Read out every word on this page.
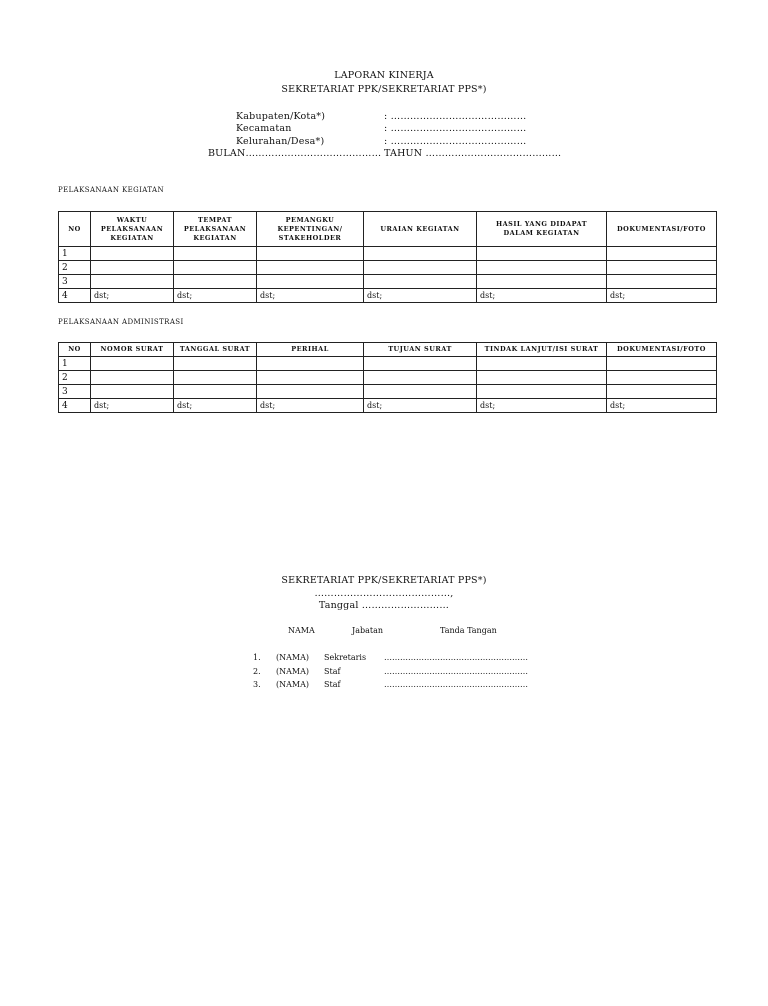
LAPORAN KINERJA
SEKRETARIAT PPK/SEKRETARIAT PPS*)
Kabupaten/Kota*)	: ……………………………………
Kecamatan	: ……………………………………
Kelurahan/Desa*)	: ……………………………………
BULAN…………………………………… TAHUN ……………………………………
PELAKSANAAN KEGIATAN
NO	WAKTU PELAKSANAAN KEGIATAN	TEMPAT PELAKSANAAN KEGIATAN	PEMANGKU KEPENTINGAN/ STAKEHOLDER	URAIAN KEGIATAN	HASIL YANG DIDAPAT DALAM KEGIATAN	DOKUMENTASI/FOTO
1						
2						
3						
4	dst;	dst;	dst;	dst;	dst;	dst;
PELAKSANAAN ADMINISTRASI
NO	NOMOR SURAT	TANGGAL SURAT	PERIHAL	TUJUAN SURAT	TINDAK LANJUT/ISI SURAT	DOKUMENTASI/FOTO
1						
2						
3						
4	dst;	dst;	dst;	dst;	dst;	dst;
SEKRETARIAT PPK/SEKRETARIAT PPS*)
……………………………………,
Tanggal ………………………
NAMA	Jabatan	Tanda Tangan
1. (NAMA) Sekretaris ………………………………………………
2. (NAMA) Staf	………………………………………………
3. (NAMA) Staf	………………………………………………
